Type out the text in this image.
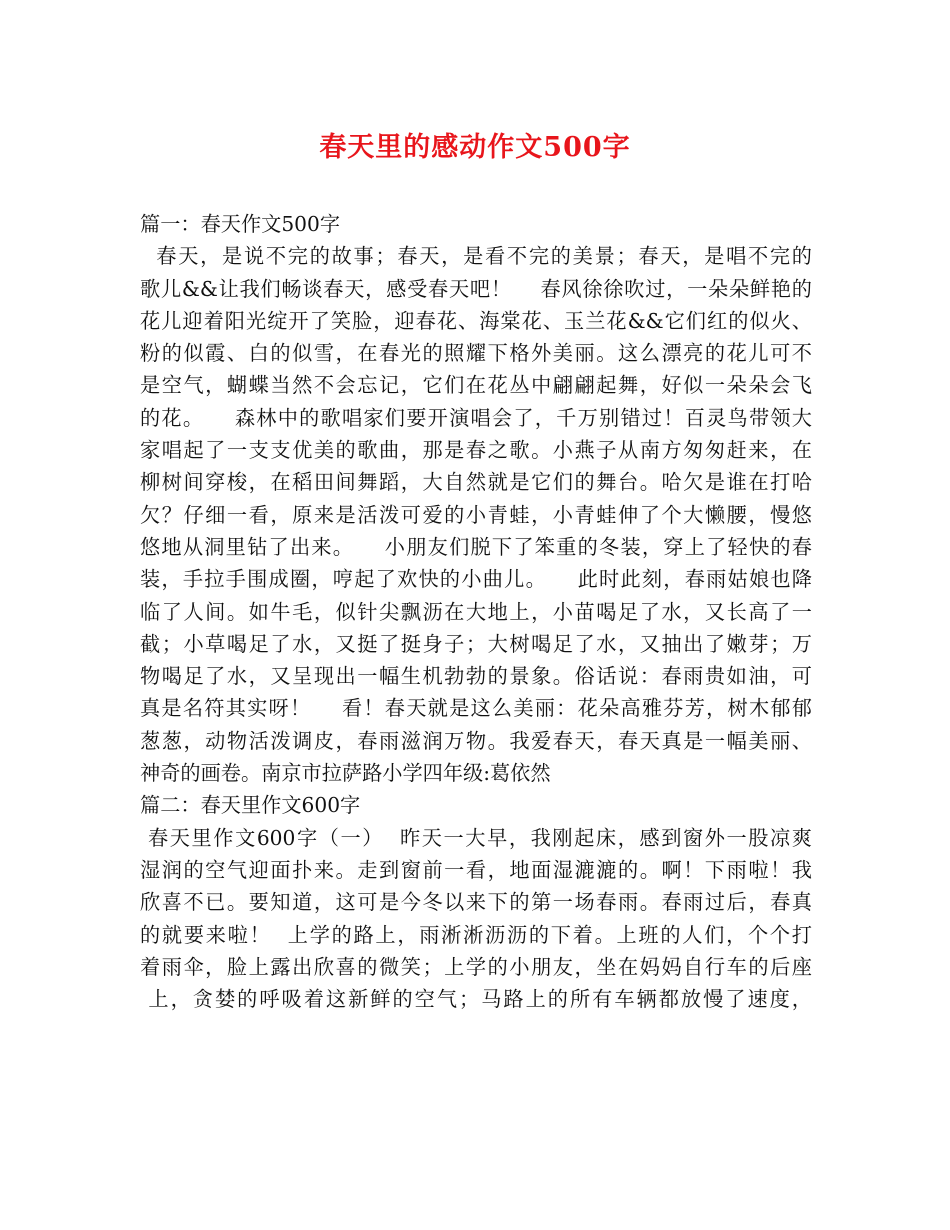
春天里的感动作文500字
篇一：春天作文500字
春天，是说不完的故事；春天，是看不完的美景；春天，是唱不完的
歌儿&&让我们畅谈春天，感受春天吧！    春风徐徐吹过，一朵朵鲜艳的
花儿迎着阳光绽开了笑脸，迎春花、海棠花、玉兰花&&它们红的似火、
粉的似霞、白的似雪，在春光的照耀下格外美丽。这么漂亮的花儿可不
是空气，蝴蝶当然不会忘记，它们在花丛中翩翩起舞，好似一朵朵会飞
的花。    森林中的歌唱家们要开演唱会了，千万别错过！百灵鸟带领大
家唱起了一支支优美的歌曲，那是春之歌。小燕子从南方匆匆赶来，在
柳树间穿梭，在稻田间舞蹈，大自然就是它们的舞台。哈欠是谁在打哈
欠？仔细一看，原来是活泼可爱的小青蛙，小青蛙伸了个大懒腰，慢悠
悠地从洞里钻了出来。    小朋友们脱下了笨重的冬装，穿上了轻快的春
装，手拉手围成圈，哼起了欢快的小曲儿。    此时此刻，春雨姑娘也降
临了人间。如牛毛，似针尖飘沥在大地上，小苗喝足了水，又长高了一
截；小草喝足了水，又挺了挺身子；大树喝足了水，又抽出了嫩芽；万
物喝足了水，又呈现出一幅生机勃勃的景象。俗话说：春雨贵如油，可
真是名符其实呀！    看！春天就是这么美丽：花朵高雅芬芳，树木郁郁
葱葱，动物活泼调皮，春雨滋润万物。我爱春天，春天真是一幅美丽、
神奇的画卷。南京市拉萨路小学四年级:葛依然
篇二：春天里作文600字
春天里作文600字（一）  昨天一大早，我刚起床，感到窗外一股凉爽
湿润的空气迎面扑来。走到窗前一看，地面湿漉漉的。啊！下雨啦！我
欣喜不已。要知道，这可是今冬以来下的第一场春雨。春雨过后，春真
的就要来啦！  上学的路上，雨淅淅沥沥的下着。上班的人们，个个打
着雨伞，脸上露出欣喜的微笑；上学的小朋友，坐在妈妈自行车的后座
上，贪婪的呼吸着这新鲜的空气；马路上的所有车辆都放慢了速度，
